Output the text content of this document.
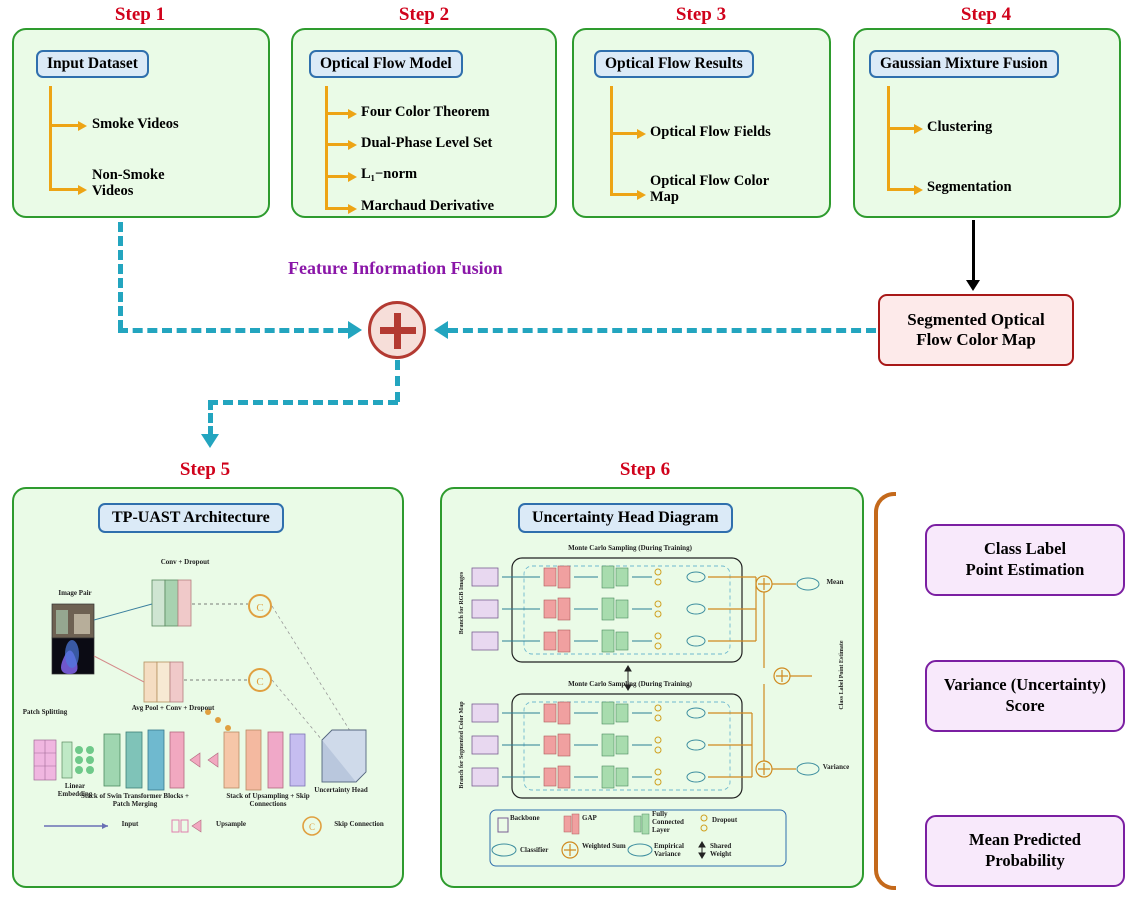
Step 1	Step 2	Step 3	Step 4
Input Dataset
Smoke Videos
Non-Smoke
Videos
Optical Flow Model
Four Color Theorem
Dual-Phase Level Set
L₁−norm
Marchaud Derivative
Optical Flow Results
Optical Flow Fields
Optical Flow Color
Map
Gaussian Mixture Fusion
Clustering
Segmentation
Segmented Optical
Flow Color Map
Feature Information Fusion
Step 5	Step 6
TP-UAST Architecture
C
C
C
Conv + Dropout
Image Pair
Avg Pool + Conv + Dropout
Patch Splitting
Linear Embedding
Stack of Swin Transformer Blocks + Patch Merging
Stack of Upsampling + Skip Connections
Uncertainty Head
Input	Upsample	Skip Connection
Uncertainty Head Diagram
Monte Carlo Sampling (During Training)
Monte Carlo Sampling (During Training)
Branch for RGB Images
Branch for Segmented Color Map
Mean
Variance
Class Label Point Estimate
Backbone	GAP	Fully Connected Layer
Dropout
Classifier	Weighted Sum	Empirical Variance
Shared Weight
Class Label
Point Estimation
Variance (Uncertainty)
Score
Mean Predicted
Probability
